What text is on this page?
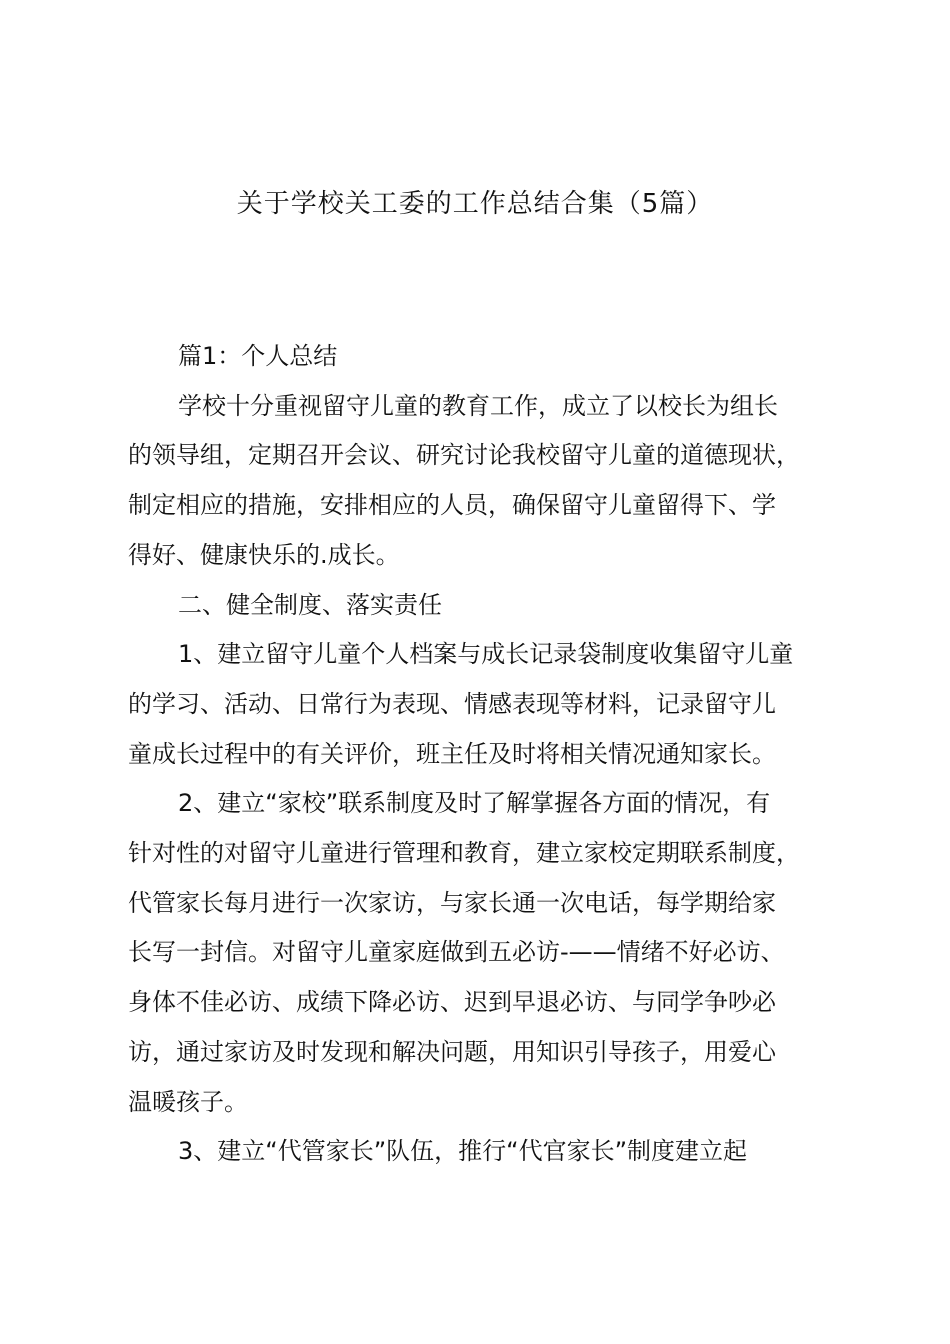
关于学校关工委的工作总结合集（5篇）

篇1：个人总结

学校十分重视留守儿童的教育工作，成立了以校长为组长
的领导组，定期召开会议、研究讨论我校留守儿童的道德现状，
制定相应的措施，安排相应的人员，确保留守儿童留得下、学
得好、健康快乐的.成长。

二、健全制度、落实责任

1、建立留守儿童个人档案与成长记录袋制度收集留守儿童
的学习、活动、日常行为表现、情感表现等材料，记录留守儿
童成长过程中的有关评价，班主任及时将相关情况通知家长。

2、建立“家校”联系制度及时了解掌握各方面的情况，有
针对性的对留守儿童进行管理和教育，建立家校定期联系制度，
代管家长每月进行一次家访，与家长通一次电话，每学期给家
长写一封信。对留守儿童家庭做到五必访-——情绪不好必访、
身体不佳必访、成绩下降必访、迟到早退必访、与同学争吵必
访，通过家访及时发现和解决问题，用知识引导孩子，用爱心
温暖孩子。

3、建立“代管家长”队伍，推行“代官家长”制度建立起
